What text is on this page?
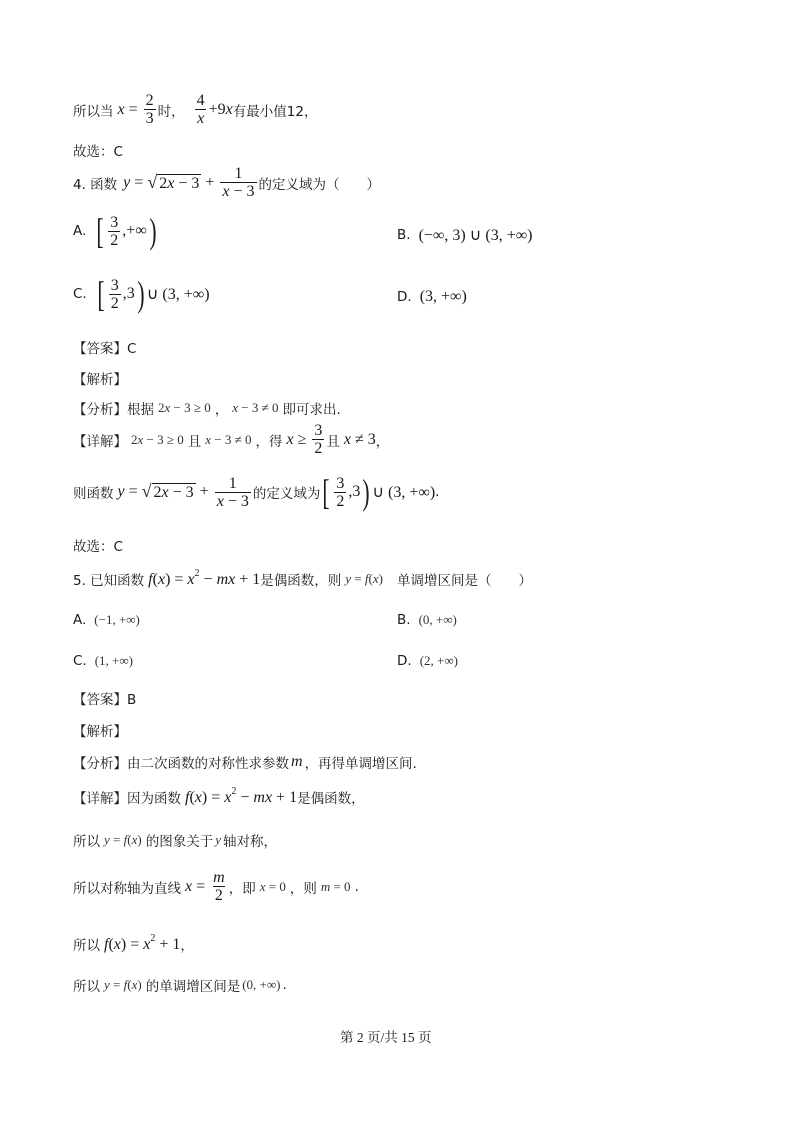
所以当 $x = \frac{2}{3}$ 时， $\frac{4}{x} +9$ x 有最小值12，
故选：C
4. 函数 y = √ $2x - 3 + \frac{1}{x - 3}$ 的定义域为（　　）
A. [ $\frac{3}{2}$ ,+∞ )	B. (−∞, 3) ∪ (3, +∞)
C. [ $\frac{3}{2} ,3$ ) ∪ (3, +∞)	D. (3, +∞)
【答案】C
【解析】
【分析】根据 2x − 3 ≥ 0 ， x − 3 ≠ 0 即可求出.
【详解】 2x − 3 ≥ 0 且 x − 3 ≠ 0 ，得 $x \ge \frac{3}{2}$ 且 x ≠ 3 ，
则函数 y = √ $2x - 3 + \frac{1}{x - 3}$ 的定义域为 [ $\frac{3}{2} ,3$ ) ∪ (3, +∞) .
故选：C
5. 已知函数 $f(x) = x^2$ − mx + 1 是偶函数，则 y = f(x) 单调增区间是（　　）
A. (−1, +∞)	B. (0, +∞)
C. (1, +∞)	D. (2, +∞)
【答案】B
【解析】
【分析】由二次函数的对称性求参数 m ，再得单调增区间.
【详解】因为函数 $f(x) = x^2$ − mx + 1 是偶函数，
所以 y = f(x) 的图象关于 y 轴对称，
所以对称轴为直线 $x = \frac{m}{2}$ ，即 x = 0 ，则 m = 0 .
所以 $f(x) = x^2 + 1$ ，
所以 y = f(x) 的单调增区间是 (0, +∞) .
第 2 页/共 15 页
